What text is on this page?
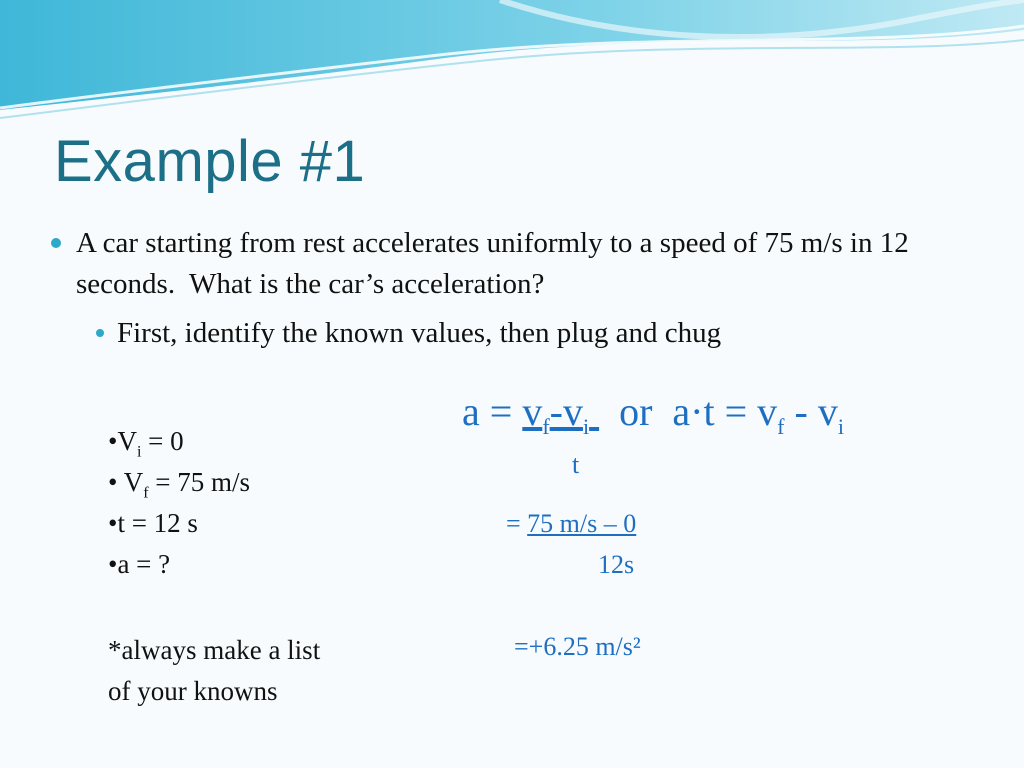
Example #1
A car starting from rest accelerates uniformly to a speed of 75 m/s in 12 seconds.  What is the car’s acceleration?
First, identify the known values, then plug and chug
$•V_i = 0$
• $V_f = 75$ m/s
•t = 12 s
•a = ?
*always make a list of your knowns
$a = v_f-v_i$ or $a\cdot t = v_f - v_i$
t
= 75 m/s – 0
12s
=+6.25 m/s²
